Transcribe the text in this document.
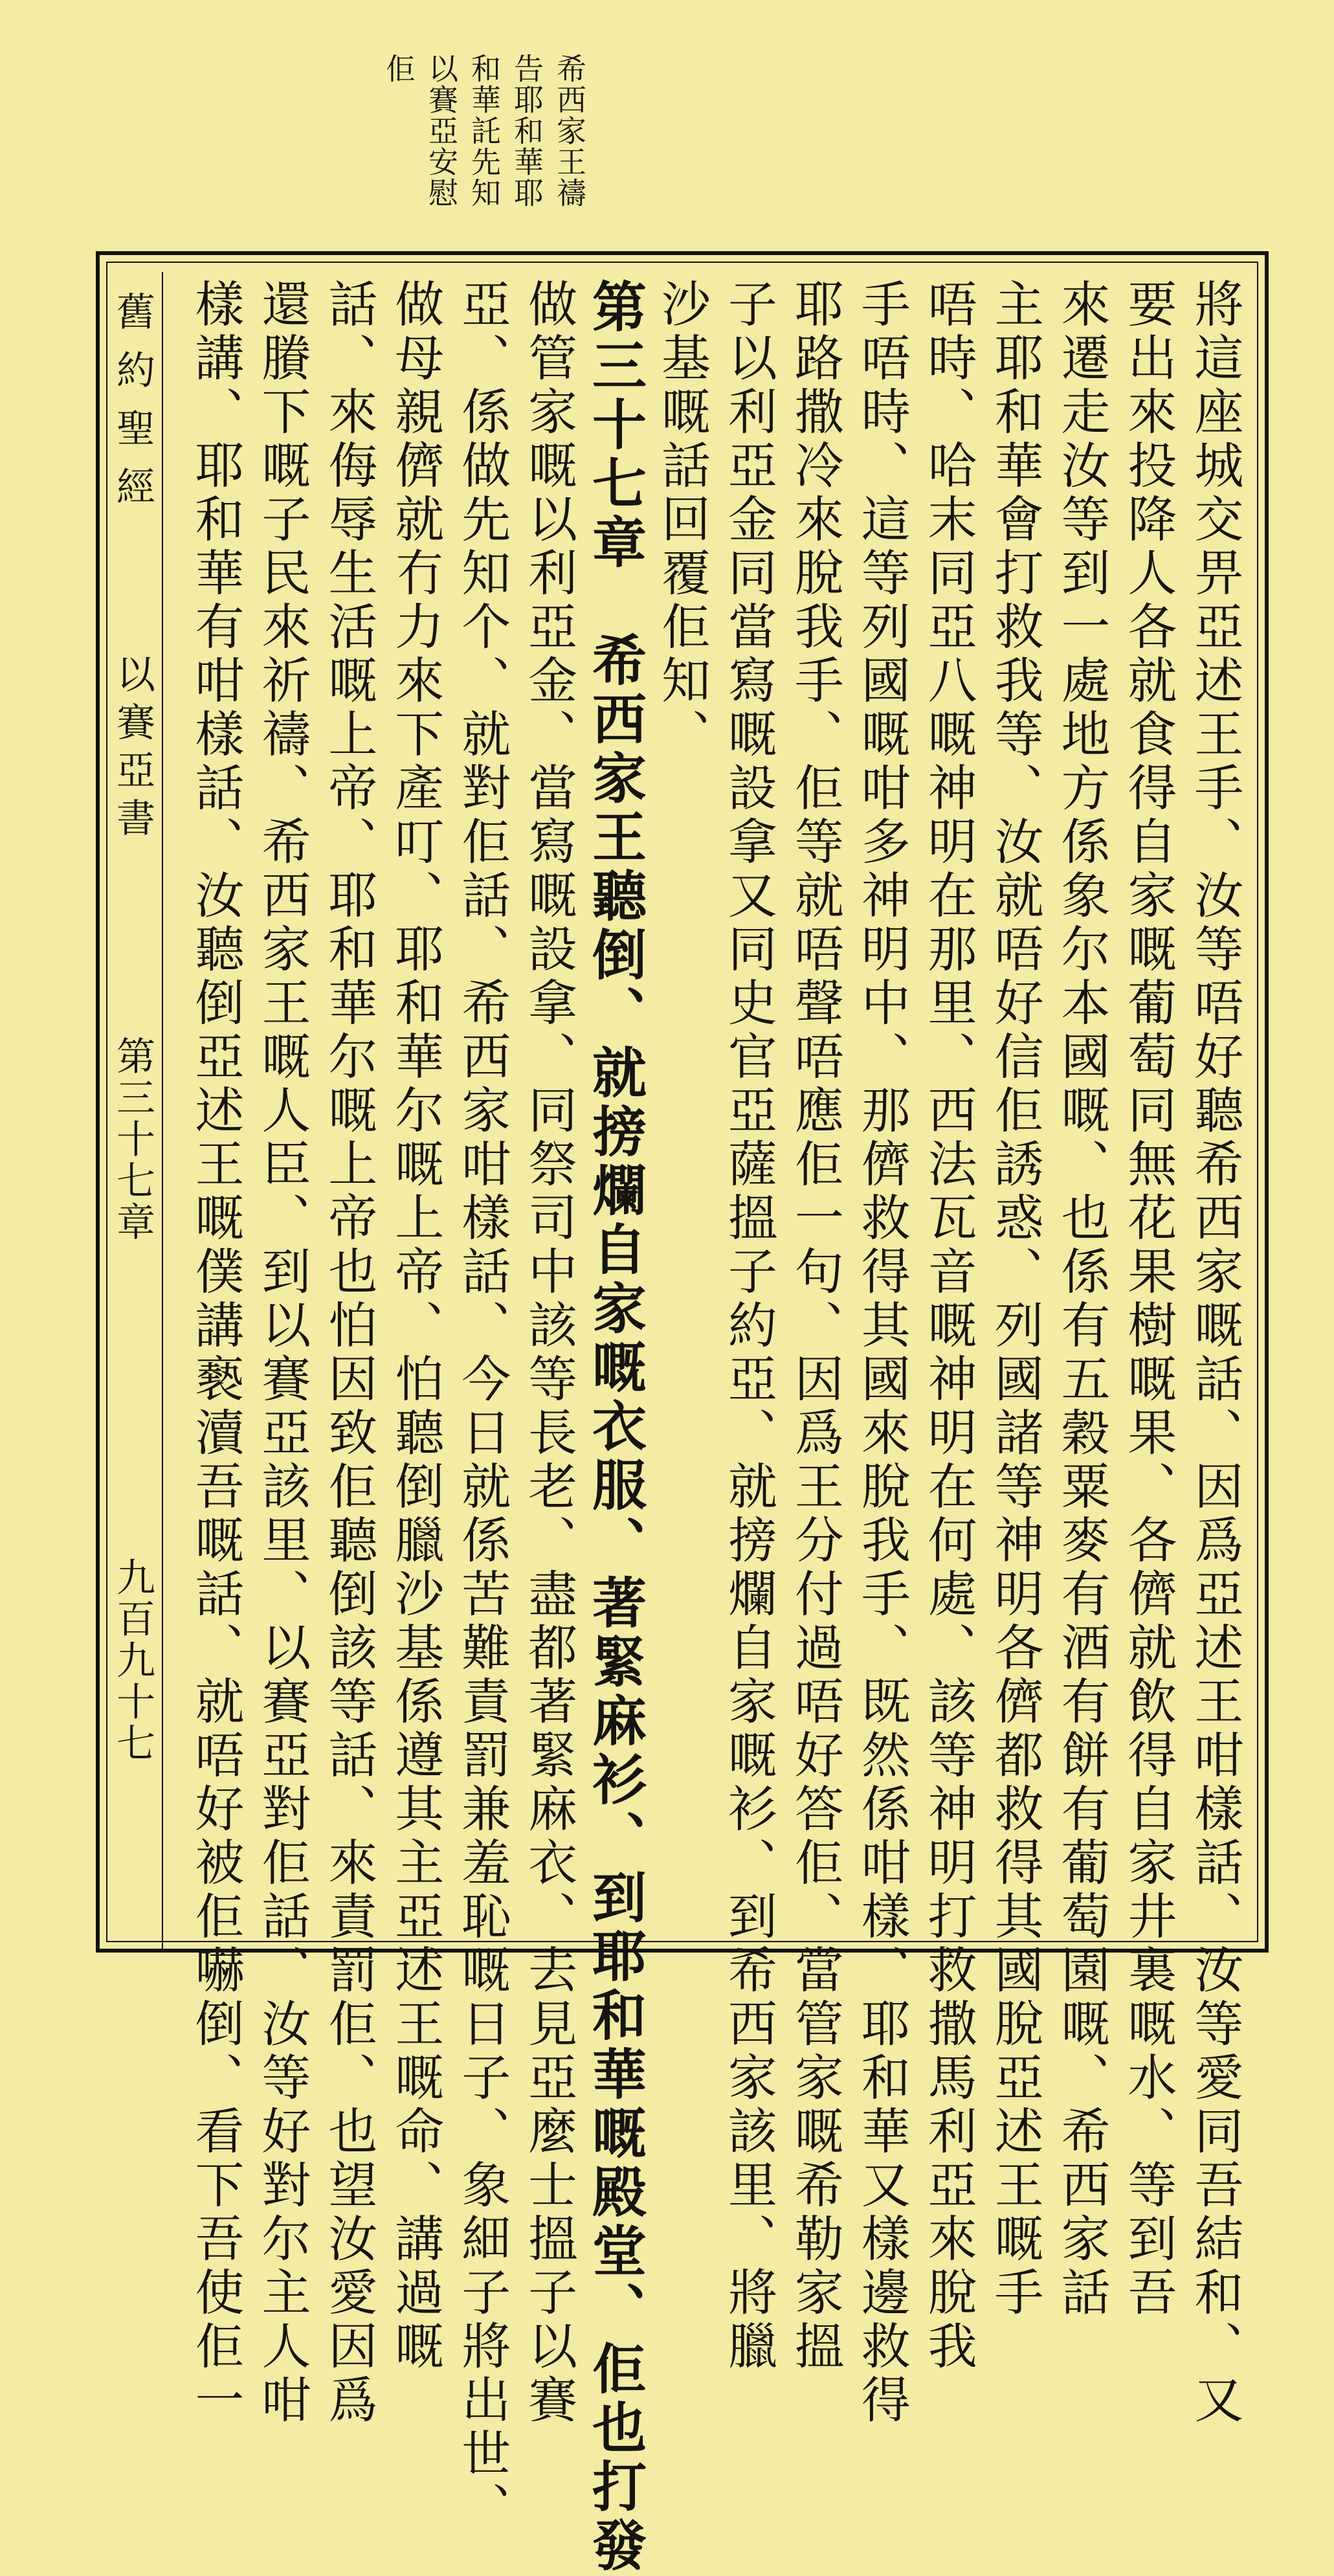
希西家王禱
告耶和華耶
和華託先知
以賽亞安慰
佢
舊約聖經
以賽亞書
第三十七章
九百九十七	將這座城交畀亞述王手、汝等唔好聽希西家嘅話、因爲亞述王咁樣話、汝等愛同吾結和、又
要出來投降人各就食得自家嘅葡萄同無花果樹嘅果、各儕就飲得自家井裏嘅水、等到吾
來遷走汝等到一處地方係象尔本國嘅、也係有五穀粟麥有酒有餅有葡萄園嘅、希西家話
主耶和華會打救我等、汝就唔好信佢誘惑、列國諸等神明各儕都救得其國脫亞述王嘅手
唔時、哈末同亞八嘅神明在那里、西法瓦音嘅神明在何處、該等神明打救撒馬利亞來脫我
手唔時、這等列國嘅咁多神明中、那儕救得其國來脫我手、既然係咁樣、耶和華又樣邊救得
耶路撒冷來脫我手、佢等就唔聲唔應佢一句、因爲王分付過唔好答佢、當管家嘅希勒家搵
子以利亞金同當寫嘅設拿又同史官亞薩搵子約亞、就搒爛自家嘅衫、到希西家該里、將臘
沙基嘅話回覆佢知、
第三十七章　希西家王聽倒、就搒爛自家嘅衣服、著緊麻衫、到耶和華嘅殿堂、佢也打發
做管家嘅以利亞金、當寫嘅設拿、同祭司中該等長老、盡都著緊麻衣、去見亞麼士搵子以賽
亞、係做先知个、就對佢話、希西家咁樣話、今日就係苦難責罰兼羞恥嘅日子、象細子將出世、
做母親儕就冇力來下產叮、耶和華尔嘅上帝、怕聽倒臘沙基係遵其主亞述王嘅命、講過嘅
話、來侮辱生活嘅上帝、耶和華尔嘅上帝也怕因致佢聽倒該等話、來責罰佢、也望汝愛因爲
還賸下嘅子民來祈禱、希西家王嘅人臣、到以賽亞該里、以賽亞對佢話、汝等好對尔主人咁
樣講、耶和華有咁樣話、汝聽倒亞述王嘅僕講褻瀆吾嘅話、就唔好被佢嚇倒、看下吾使佢一
